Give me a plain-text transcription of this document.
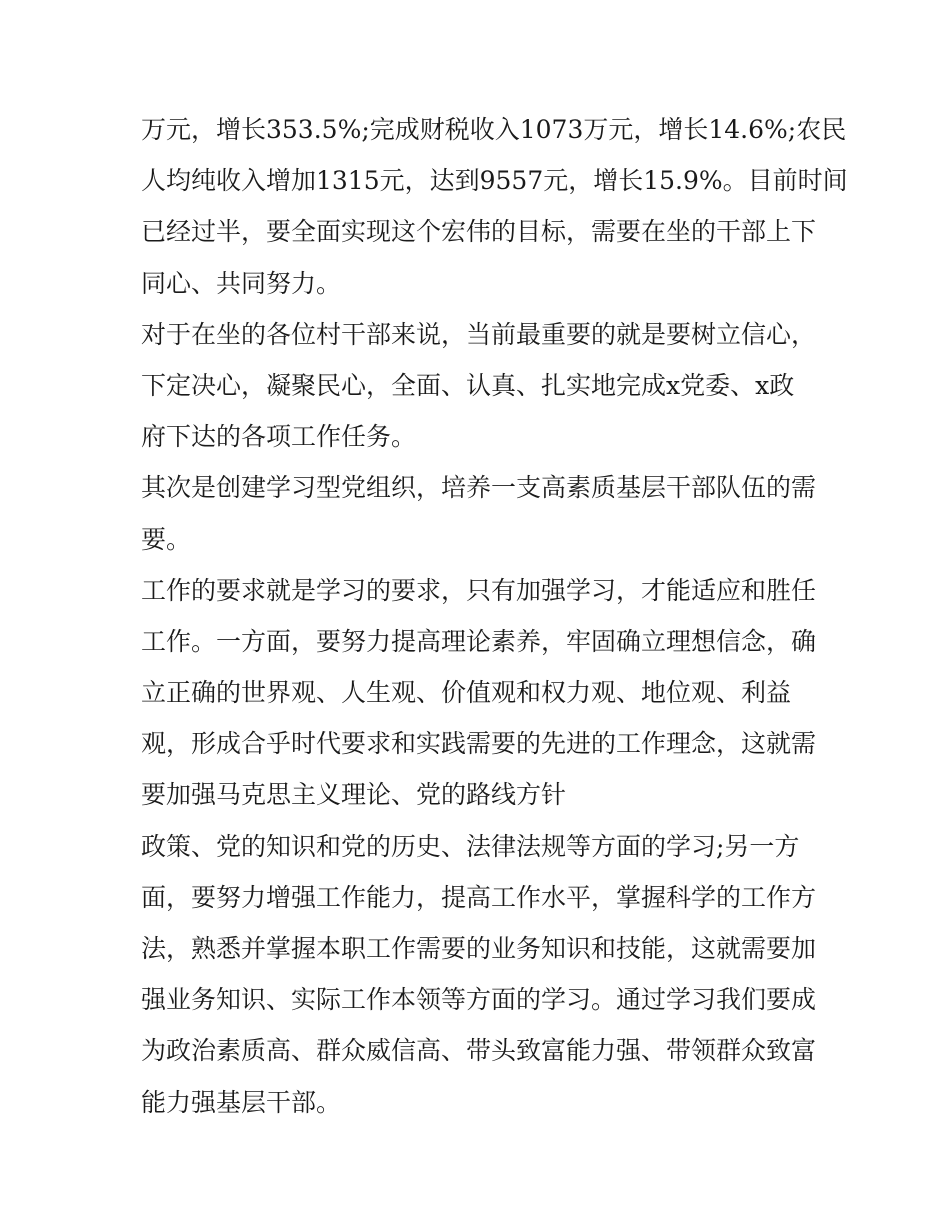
万元，增长353.5%;完成财税收入1073万元，增长14.6%;农民
人均纯收入增加1315元，达到9557元，增长15.9%。目前时间
已经过半，要全面实现这个宏伟的目标，需要在坐的干部上下
同心、共同努力。
对于在坐的各位村干部来说，当前最重要的就是要树立信心，
下定决心，凝聚民心，全面、认真、扎实地完成x党委、x政
府下达的各项工作任务。
其次是创建学习型党组织，培养一支高素质基层干部队伍的需
要。
工作的要求就是学习的要求，只有加强学习，才能适应和胜任
工作。一方面，要努力提高理论素养，牢固确立理想信念，确
立正确的世界观、人生观、价值观和权力观、地位观、利益
观，形成合乎时代要求和实践需要的先进的工作理念，这就需
要加强马克思主义理论、党的路线方针
政策、党的知识和党的历史、法律法规等方面的学习;另一方
面，要努力增强工作能力，提高工作水平，掌握科学的工作方
法，熟悉并掌握本职工作需要的业务知识和技能，这就需要加
强业务知识、实际工作本领等方面的学习。通过学习我们要成
为政治素质高、群众威信高、带头致富能力强、带领群众致富
能力强基层干部。
